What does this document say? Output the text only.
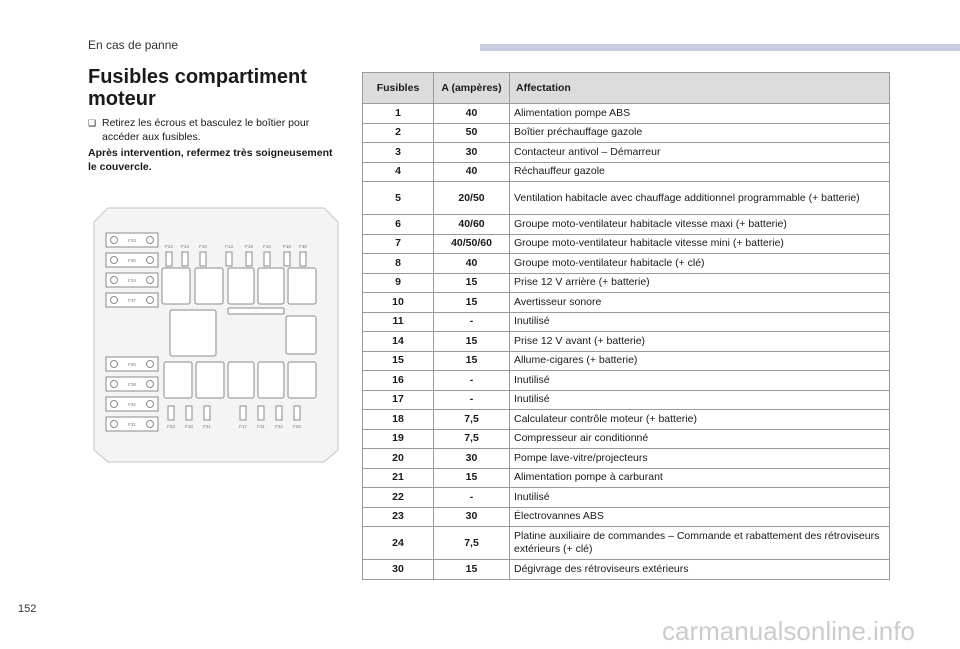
En cas de panne
Fusibles compartiment moteur
❏ Retirez les écrous et basculez le boîtier pour accéder aux fusibles.
Après intervention, refermez très soigneusement le couvercle.
F33
F36
F34
F37
F35
F38
F32
F31
F24 F14 F10	F13	F19 F16	F18 F30
F23 F18 F21	F17 F11 F22 F20
Fusibles	A (ampères)	Affectation
1	40	Alimentation pompe ABS
2	50	Boîtier préchauffage gazole
3	30	Contacteur antivol – Démarreur
4	40	Réchauffeur gazole
5	20/50	Ventilation habitacle avec chauffage additionnel programmable (+ batterie)
6	40/60	Groupe moto-ventilateur habitacle vitesse maxi (+ batterie)
7	40/50/60	Groupe moto-ventilateur habitacle vitesse mini (+ batterie)
8	40	Groupe moto-ventilateur habitacle (+ clé)
9	15	Prise 12 V arrière (+ batterie)
10	15	Avertisseur sonore
11	-	Inutilisé
14	15	Prise 12 V avant (+ batterie)
15	15	Allume-cigares (+ batterie)
16	-	Inutilisé
17	-	Inutilisé
18	7,5	Calculateur contrôle moteur (+ batterie)
19	7,5	Compresseur air conditionné
20	30	Pompe lave-vitre/projecteurs
21	15	Alimentation pompe à carburant
22	-	Inutilisé
23	30	Électrovannes ABS
24	7,5	Platine auxiliaire de commandes – Commande et rabattement des rétroviseurs extérieurs (+ clé)
30	15	Dégivrage des rétroviseurs extérieurs
152
carmanualsonline.info
